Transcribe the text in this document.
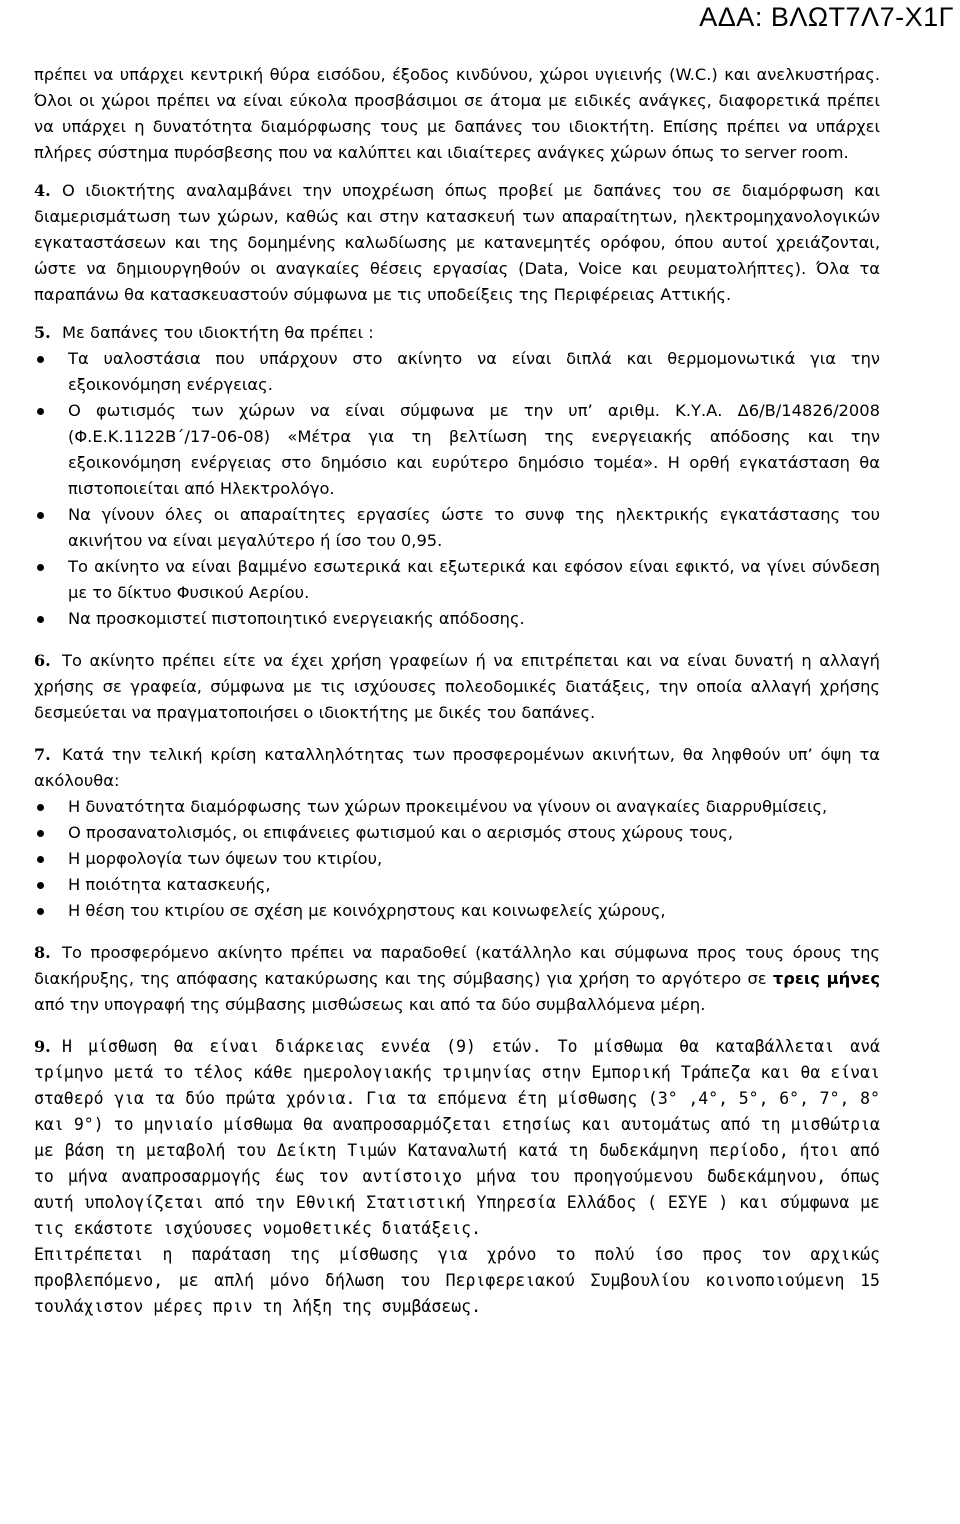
ΑΔΑ: ΒΛΩΤ7Λ7-Χ1Γ

πρέπει να υπάρχει κεντρική θύρα εισόδου, έξοδος κινδύνου, χώροι υγιεινής (W.C.) και ανελκυστήρας. Όλοι οι χώροι πρέπει να είναι εύκολα προσβάσιμοι σε άτομα με ειδικές ανάγκες, διαφορετικά πρέπει να υπάρχει η δυνατότητα διαμόρφωσης τους με δαπάνες του ιδιοκτήτη. Επίσης πρέπει να υπάρχει πλήρες σύστημα πυρόσβεσης που να καλύπτει και ιδιαίτερες ανάγκες χώρων όπως το server room.

4. Ο ιδιοκτήτης αναλαμβάνει την υποχρέωση όπως προβεί με δαπάνες του σε διαμόρφωση και διαμερισμάτωση των χώρων, καθώς και στην κατασκευή των απαραίτητων, ηλεκτρομηχανολογικών εγκαταστάσεων και της δομημένης καλωδίωσης με κατανεμητές ορόφου, όπου αυτοί χρειάζονται, ώστε να δημιουργηθούν οι αναγκαίες θέσεις εργασίας (Data, Voice και ρευματολήπτες). Όλα τα παραπάνω θα κατασκευαστούν σύμφωνα με τις υποδείξεις της Περιφέρειας Αττικής.

5. Με δαπάνες του ιδιοκτήτη θα πρέπει :

Τα υαλοστάσια που υπάρχουν στο ακίνητο να είναι διπλά και θερμομονωτικά για την εξοικονόμηση ενέργειας.
Ο φωτισμός των χώρων να είναι σύμφωνα με την υπ’ αριθμ. Κ.Υ.Α. Δ6/Β/14826/2008 (Φ.Ε.Κ.1122Β΄/17-06-08) «Μέτρα για τη βελτίωση της ενεργειακής απόδοσης και την εξοικονόμηση ενέργειας στο δημόσιο και ευρύτερο δημόσιο τομέα». Η ορθή εγκατάσταση θα πιστοποιείται από Ηλεκτρολόγο.
Να γίνουν όλες οι απαραίτητες εργασίες ώστε το συνφ της ηλεκτρικής εγκατάστασης του ακινήτου να είναι μεγαλύτερο ή ίσο του 0,95.
Το ακίνητο να είναι βαμμένο εσωτερικά και εξωτερικά και εφόσον είναι εφικτό, να γίνει σύνδεση με το δίκτυο Φυσικού Αερίου.
Να προσκομιστεί πιστοποιητικό ενεργειακής απόδοσης.

6. Το ακίνητο πρέπει είτε να έχει χρήση γραφείων ή να επιτρέπεται και να είναι δυνατή η αλλαγή χρήσης σε γραφεία, σύμφωνα με τις ισχύουσες πολεοδομικές διατάξεις, την οποία αλλαγή χρήσης δεσμεύεται να πραγματοποιήσει ο ιδιοκτήτης με δικές του δαπάνες.

7. Κατά την τελική κρίση καταλληλότητας των προσφερομένων ακινήτων, θα ληφθούν υπ’ όψη τα ακόλουθα:

Η δυνατότητα διαμόρφωσης των χώρων προκειμένου να γίνουν οι αναγκαίες διαρρυθμίσεις,
Ο προσανατολισμός, οι επιφάνειες φωτισμού και ο αερισμός στους χώρους τους,
Η μορφολογία των όψεων του κτιρίου,
Η ποιότητα κατασκευής,
Η θέση του κτιρίου σε σχέση με κοινόχρηστους και κοινωφελείς χώρους,

8. Το προσφερόμενο ακίνητο πρέπει να παραδοθεί (κατάλληλο και σύμφωνα προς τους όρους της διακήρυξης, της απόφασης κατακύρωσης και της σύμβασης) για χρήση το αργότερο σε τρεις μήνες από την υπογραφή της σύμβασης μισθώσεως και από τα δύο συμβαλλόμενα μέρη.

9. Η μίσθωση θα είναι διάρκειας εννέα (9) ετών. Το μίσθωμα θα καταβάλλεται ανά τρίμηνο μετά το τέλος κάθε ημερολογιακής τριμηνίας στην Εμπορική Τράπεζα και θα είναι σταθερό για τα δύο πρώτα χρόνια. Για τα επόμενα έτη μίσθωσης (3° ,4°, 5°, 6°, 7°, 8° και 9°) το μηνιαίο μίσθωμα θα αναπροσαρμόζεται ετησίως και αυτομάτως από τη μισθώτρια με βάση τη μεταβολή του Δείκτη Τιμών Καταναλωτή κατά τη δωδεκάμηνη περίοδο, ήτοι από το μήνα αναπροσαρμογής έως τον αντίστοιχο μήνα του προηγούμενου δωδεκάμηνου, όπως αυτή υπολογίζεται από την Εθνική Στατιστική Υπηρεσία Ελλάδος ( ΕΣΥΕ ) και σύμφωνα με τις εκάστοτε ισχύουσες νομοθετικές διατάξεις.

Επιτρέπεται η παράταση της μίσθωσης για χρόνο το πολύ ίσο προς τον αρχικώς προβλεπόμενο, με απλή μόνο δήλωση του Περιφερειακού Συμβουλίου κοινοποιούμενη 15 τουλάχιστον μέρες πριν τη λήξη της συμβάσεως.
